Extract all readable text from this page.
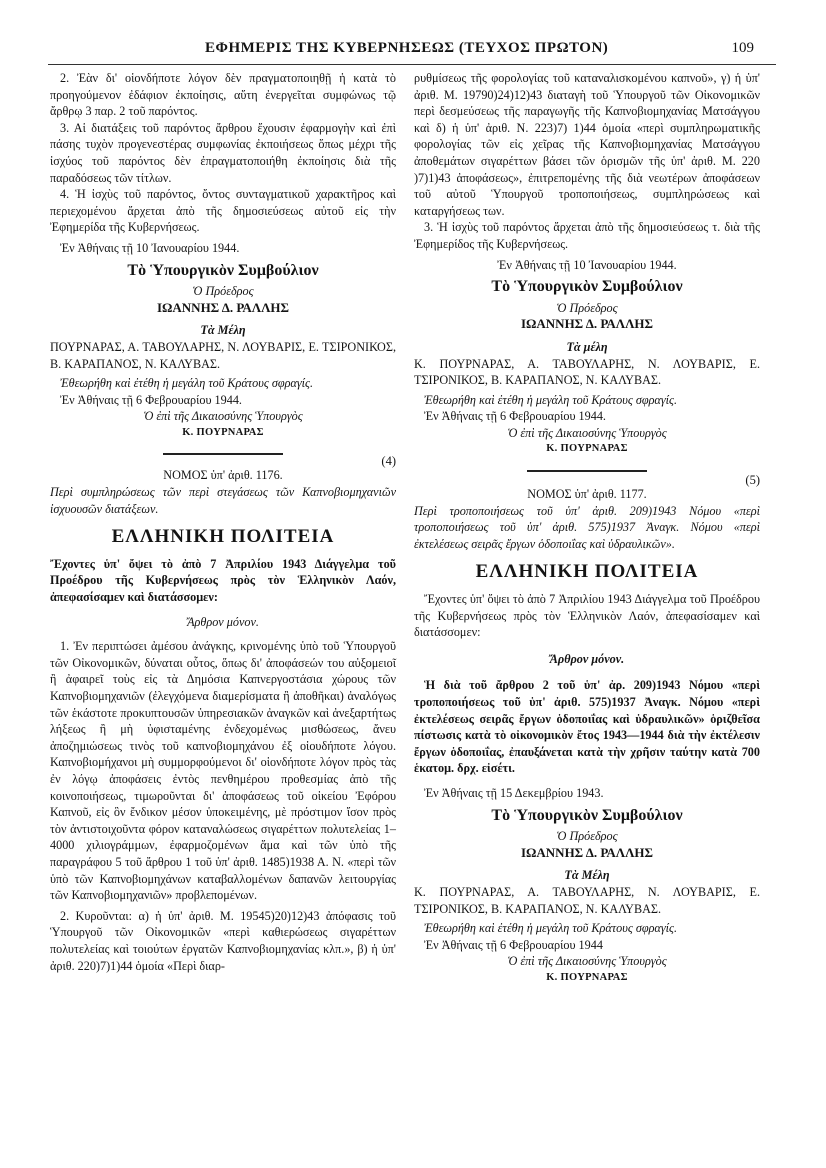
ΕΦΗΜΕΡΙΣ ΤΗΣ ΚΥΒΕΡΝΗΣΕΩΣ (ΤΕΥΧΟΣ ΠΡΩΤΟΝ)	109

2. Ἐὰν δι' οἱονδήποτε λόγον δὲν πραγματοποιηθῇ ἡ κατὰ τὸ προηγούμενον ἐδάφιον ἐκποίησις, αὕτη ἐνεργεῖται συμφώνως τῷ ἄρθρῳ 3 παρ. 2 τοῦ παρόντος.

3. Αἱ διατάξεις τοῦ παρόντος ἄρθρου ἔχουσιν ἐφαρμογὴν καὶ ἐπὶ πάσης τυχὸν προγενεστέρας συμφωνίας ἐκποιήσεως ὅπως μέχρι τῆς ἰσχύος τοῦ παρόντος δὲν ἐπραγματοποιήθη ἐκποίησις διὰ τῆς παραδόσεως τῶν τίτλων.

4. Ἡ ἰσχὺς τοῦ παρόντος, ὄντος συνταγματικοῦ χαρακτῆρος καὶ περιεχομένου ἄρχεται ἀπὸ τῆς δημοσιεύσεως αὐτοῦ εἰς τὴν Ἐφημερίδα τῆς Κυβερνήσεως.

Ἐν Ἀθήναις τῇ 10 Ἰανουαρίου 1944.

Τὸ Ὑπουργικὸν Συμβούλιον

Ὁ Πρόεδρος

ΙΩΑΝΝΗΣ Δ. ΡΑΛΛΗΣ

Τὰ Μέλη

ΠΟΥΡΝΑΡΑΣ, Α. ΤΑΒΟΥΛΑΡΗΣ, Ν. ΛΟΥΒΑΡΙΣ, Ε. ΤΣΙΡΟΝΙΚΟΣ, Β. ΚΑΡΑΠΑΝΟΣ, Ν. ΚΑΛΥΒΑΣ.

Ἐθεωρήθη καὶ ἐτέθη ἡ μεγάλη τοῦ Κράτους σφραγίς.

Ἐν Ἀθήναις τῇ 6 Φεβρουαρίου 1944.

Ὁ ἐπὶ τῆς Δικαιοσύνης Ὑπουργὸς

Κ. ΠΟΥΡΝΑΡΑΣ

(4)
ΝΟΜΟΣ ὑπ' ἀριθ. 1176.

Περὶ συμπληρώσεως τῶν περὶ στεγάσεως τῶν Καπνοβιομηχανιῶν ἰσχυουσῶν διατάξεων.

ΕΛΛΗΝΙΚΗ ΠΟΛΙΤΕΙΑ

Ἔχοντες ὑπ' ὄψει τὸ ἀπὸ 7 Ἀπριλίου 1943 Διάγγελμα τοῦ Προέδρου τῆς Κυβερνήσεως πρὸς τὸν Ἑλληνικὸν Λαόν, ἀπεφασίσαμεν καὶ διατάσσομεν:

Ἄρθρον μόνον.

1. Ἐν περιπτώσει ἀμέσου ἀνάγκης, κρινομένης ὑπὸ τοῦ Ὑπουργοῦ τῶν Οἰκονομικῶν, δύναται οὗτος, ὅπως δι' ἀποφάσεών του αὐξομειοῖ ἢ ἀφαιρεῖ τοὺς εἰς τὰ Δημόσια Καπνεργοστάσια χώρους τῶν Καπνοβιομηχανιῶν (ἐλεγχόμενα διαμερίσματα ἢ ἀποθῆκαι) ἀναλόγως τῶν ἑκάστοτε προκυπτουσῶν ὑπηρεσιακῶν ἀναγκῶν καὶ ἀνεξαρτήτως λήξεως ἢ μὴ ὑφισταμένης ἐνδεχομένως μισθώσεως, ἄνευ ἀποζημιώσεως τινὸς τοῦ καπνοβιομηχάνου ἐξ οἱουδήποτε λόγου. Καπνοβιομήχανοι μὴ συμμορφούμενοι δι' οἱονδήποτε λόγον πρὸς τὰς ἐν λόγῳ ἀποφάσεις ἐντὸς πενθημέρου προθεσμίας ἀπὸ τῆς κοινοποιήσεως, τιμωροῦνται δι' ἀποφάσεως τοῦ οἰκείου Ἐφόρου Καπνοῦ, εἰς ὃν ἔνδικον μέσον ὑποκειμένης, μὲ πρόστιμον ἴσον πρὸς τὸν ἀντιστοιχοῦντα φόρον καταναλώσεως σιγαρέττων πολυτελείας 1–4000 χιλιογράμμων, ἐφαρμοζομένων ἅμα καὶ τῶν ὑπὸ τῆς παραγράφου 5 τοῦ ἄρθρου 1 τοῦ ὑπ' ἀριθ. 1485)1938 Α. Ν. «περὶ τῶν ὑπὸ τῶν Καπνοβιομηχάνων καταβαλλομένων δαπανῶν λειτουργίας τῶν Καπνοβιομηχανιῶν» προβλεπομένων.

2. Κυροῦνται: α) ἡ ὑπ' ἀριθ. Μ. 19545)20)12)43 ἀπόφασις τοῦ Ὑπουργοῦ τῶν Οἰκονομικῶν «περὶ καθιερώσεως σιγαρέττων πολυτελείας καὶ τοιούτων ἐργατῶν Καπνοβιομηχανίας κλπ.», β) ἡ ὑπ' ἀριθ. 220)7)1)44 ὁμοία «Περὶ διαρ-

ρυθμίσεως τῆς φορολογίας τοῦ καταναλισκομένου καπνοῦ», γ) ἡ ὑπ' ἀριθ. Μ. 19790)24)12)43 διαταγὴ τοῦ Ὑπουργοῦ τῶν Οἰκονομικῶν περὶ δεσμεύσεως τῆς παραγωγῆς τῆς Καπνοβιομηχανίας Ματσάγγου καὶ δ) ἡ ὑπ' ἀριθ. Ν. 223)7) 1)44 ὁμοία «περὶ συμπληρωματικῆς φορολογίας τῶν εἰς χεῖρας τῆς Καπνοβιομηχανίας Ματσάγγου ἀποθεμάτων σιγαρέττων βάσει τῶν ὁρισμῶν τῆς ὑπ' ἀριθ. Μ. 220 )7)1)43 ἀποφάσεως», ἐπιτρεπομένης τῆς διὰ νεωτέρων ἀποφάσεων τοῦ αὐτοῦ Ὑπουργοῦ τροποποιήσεως, συμπληρώσεως καὶ καταργήσεως των.

3. Ἡ ἰσχὺς τοῦ παρόντος ἄρχεται ἀπὸ τῆς δημοσιεύσεως τ. διὰ τῆς Ἐφημερίδος τῆς Κυβερνήσεως.

Ἐν Ἀθήναις τῇ 10 Ἰανουαρίου 1944.

Τὸ Ὑπουργικὸν Συμβούλιον

Ὁ Πρόεδρος

ΙΩΑΝΝΗΣ Δ. ΡΑΛΛΗΣ

Τὰ μέλη

Κ. ΠΟΥΡΝΑΡΑΣ, Α. ΤΑΒΟΥΛΑΡΗΣ, Ν. ΛΟΥΒΑΡΙΣ, Ε. ΤΣΙΡΟΝΙΚΟΣ, Β. ΚΑΡΑΠΑΝΟΣ, Ν. ΚΑΛΥΒΑΣ.

Ἐθεωρήθη καὶ ἐτέθη ἡ μεγάλη τοῦ Κράτους σφραγίς.

Ἐν Ἀθήναις τῇ 6 Φεβρουαρίου 1944.

Ὁ ἐπὶ τῆς Δικαιοσύνης Ὑπουργὸς

Κ. ΠΟΥΡΝΑΡΑΣ

(5)
ΝΟΜΟΣ ὑπ' ἀριθ. 1177.

Περὶ τροποποιήσεως τοῦ ὑπ' ἀριθ. 209)1943 Νόμου «περὶ τροποποιήσεως τοῦ ὑπ' ἀριθ. 575)1937 Ἀναγκ. Νόμου «περὶ ἐκτελέσεως σειρᾶς ἔργων ὁδοποιΐας καὶ ὑδραυλικῶν».

ΕΛΛΗΝΙΚΗ ΠΟΛΙΤΕΙΑ

Ἔχοντες ὑπ' ὄψει τὸ ἀπὸ 7 Ἀπριλίου 1943 Διάγγελμα τοῦ Προέδρου τῆς Κυβερνήσεως πρὸς τὸν Ἑλληνικὸν Λαόν, ἀπεφασίσαμεν καὶ διατάσσομεν:

Ἄρθρον μόνον.

Ἡ διὰ τοῦ ἄρθρου 2 τοῦ ὑπ' ἀρ. 209)1943 Νόμου «περὶ τροποποιήσεως τοῦ ὑπ' ἀριθ. 575)1937 Ἀναγκ. Νόμου «περὶ ἐκτελέσεως σειρᾶς ἔργων ὁδοποιΐας καὶ ὑδραυλικῶν» ὁριζθεῖσα πίστωσις κατὰ τὸ οἰκονομικὸν ἔτος 1943—1944 διὰ τὴν ἐκτέλεσιν ἔργων ὁδοποιΐας, ἐπαυξάνεται κατὰ τὴν χρῆσιν ταύτην κατὰ 700 ἑκατομ. δρχ. εἰσέτι.

Ἐν Ἀθήναις τῇ 15 Δεκεμβρίου 1943.

Τὸ Ὑπουργικὸν Συμβούλιον

Ὁ Πρόεδρος

ΙΩΑΝΝΗΣ Δ. ΡΑΛΛΗΣ

Τὰ Μέλη

Κ. ΠΟΥΡΝΑΡΑΣ, Α. ΤΑΒΟΥΛΑΡΗΣ, Ν. ΛΟΥΒΑΡΙΣ, Ε. ΤΣΙΡΟΝΙΚΟΣ, Β. ΚΑΡΑΠΑΝΟΣ, Ν. ΚΑΛΥΒΑΣ.

Ἐθεωρήθη καὶ ἐτέθη ἡ μεγάλη τοῦ Κράτους σφραγίς.

Ἐν Ἀθήναις τῇ 6 Φεβρουαρίου 1944

Ὁ ἐπὶ τῆς Δικαιοσύνης Ὑπουργὸς

Κ. ΠΟΥΡΝΑΡΑΣ
